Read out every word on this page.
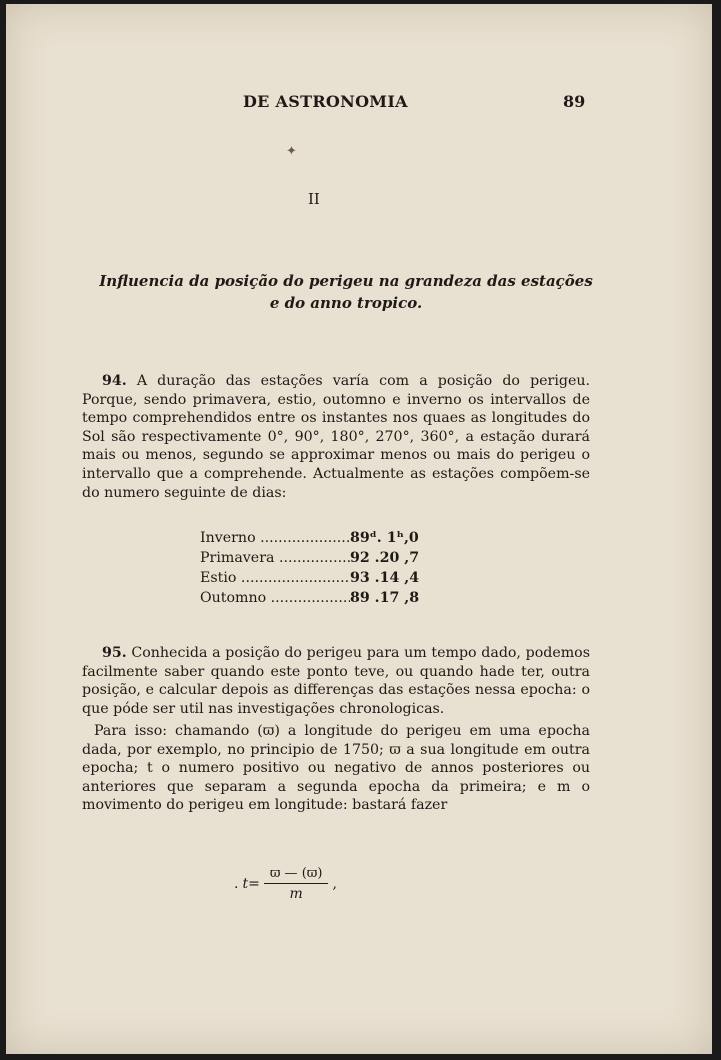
DE ASTRONOMIA	89
✦
II
Influencia da posição do perigeu na grandeza das estações
e do anno tropico.
94. A duração das estações varía com a posição do perigeu. Porque, sendo primavera, estio, outomno e inverno os intervallos de tempo comprehendidos entre os instantes nos quaes as longitudes do Sol são respectivamente 0°, 90°, 180°, 270°, 360°, a estação durará mais ou menos, segundo se approximar menos ou mais do perigeu o intervallo que a comprehende. Actualmente as estações compõem-se do numero seguinte de dias:
Inverno .....	89ᵈ. 1ʰ,0
Primavera .....	92 .20 ,7
Estio .....	93 .14 ,4
Outomno .....	89 .17 ,8
95. Conhecida a posição do perigeu para um tempo dado, podemos facilmente saber quando este ponto teve, ou quando hade ter, outra posição, e calcular depois as differenças das estações nessa epocha: o que póde ser util nas investigações chronologicas.
Para isso: chamando (ϖ) a longitude do perigeu em uma epocha dada, por exemplo, no principio de 1750; ϖ a sua longitude em outra epocha; t o numero positivo ou negativo de annos posteriores ou anteriores que separam a segunda epocha da primeira; e m o movimento do perigeu em longitude: bastará fazer
. $t = \frac{ϖ — (ϖ)}{m}$ ,
